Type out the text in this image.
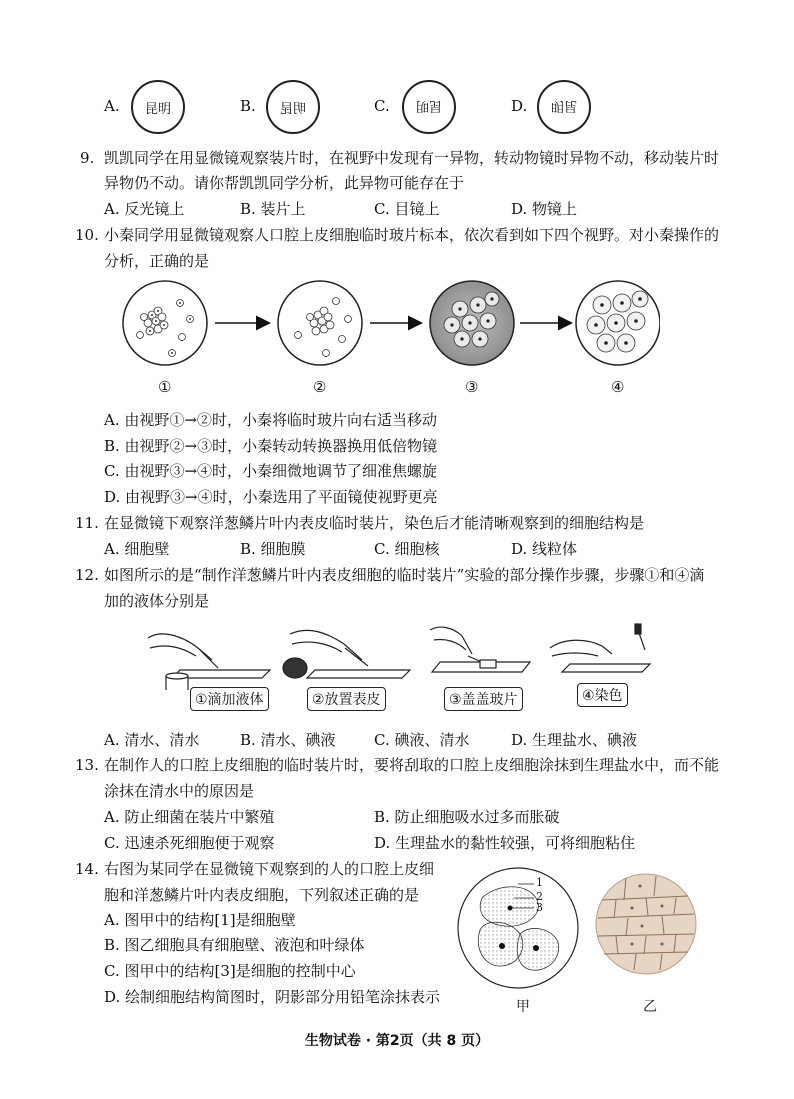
A. 昆明	B. 明昆	C. 昆明	D. 明昆
9. 凯凯同学在用显微镜观察装片时，在视野中发现有一异物，转动物镜时异物不动，移动装片时
异物仍不动。请你帮凯凯同学分析，此异物可能存在于
A. 反光镜上	B. 装片上	C. 目镜上	D. 物镜上
10. 小秦同学用显微镜观察人口腔上皮细胞临时玻片标本，依次看到如下四个视野。对小秦操作的
分析，正确的是
①	②	③	④
A. 由视野①→②时，小秦将临时玻片向右适当移动
B. 由视野②→③时，小秦转动转换器换用低倍物镜
C. 由视野③→④时，小秦细微地调节了细准焦螺旋
D. 由视野③→④时，小秦选用了平面镜使视野更亮
11. 在显微镜下观察洋葱鳞片叶内表皮临时装片，染色后才能清晰观察到的细胞结构是
A. 细胞壁	B. 细胞膜	C. 细胞核	D. 线粒体
12. 如图所示的是“制作洋葱鳞片叶内表皮细胞的临时装片”实验的部分操作步骤，步骤①和④滴
加的液体分别是
①滴加液体	②放置表皮	③盖盖玻片	④染色
A. 清水、清水	B. 清水、碘液	C. 碘液、清水	D. 生理盐水、碘液
13. 在制作人的口腔上皮细胞的临时装片时，要将刮取的口腔上皮细胞涂抹到生理盐水中，而不能
涂抹在清水中的原因是
A. 防止细菌在装片中繁殖	B. 防止细胞吸水过多而胀破
C. 迅速杀死细胞便于观察	D. 生理盐水的黏性较强，可将细胞粘住
14. 右图为某同学在显微镜下观察到的人的口腔上皮细
胞和洋葱鳞片叶内表皮细胞，下列叙述正确的是
A. 图甲中的结构[1]是细胞壁
B. 图乙细胞具有细胞壁、液泡和叶绿体
C. 图甲中的结构[3]是细胞的控制中心
D. 绘制细胞结构简图时，阴影部分用铅笔涂抹表示
1
2
3
甲	乙
生物试卷 · 第2页（共 8 页）
